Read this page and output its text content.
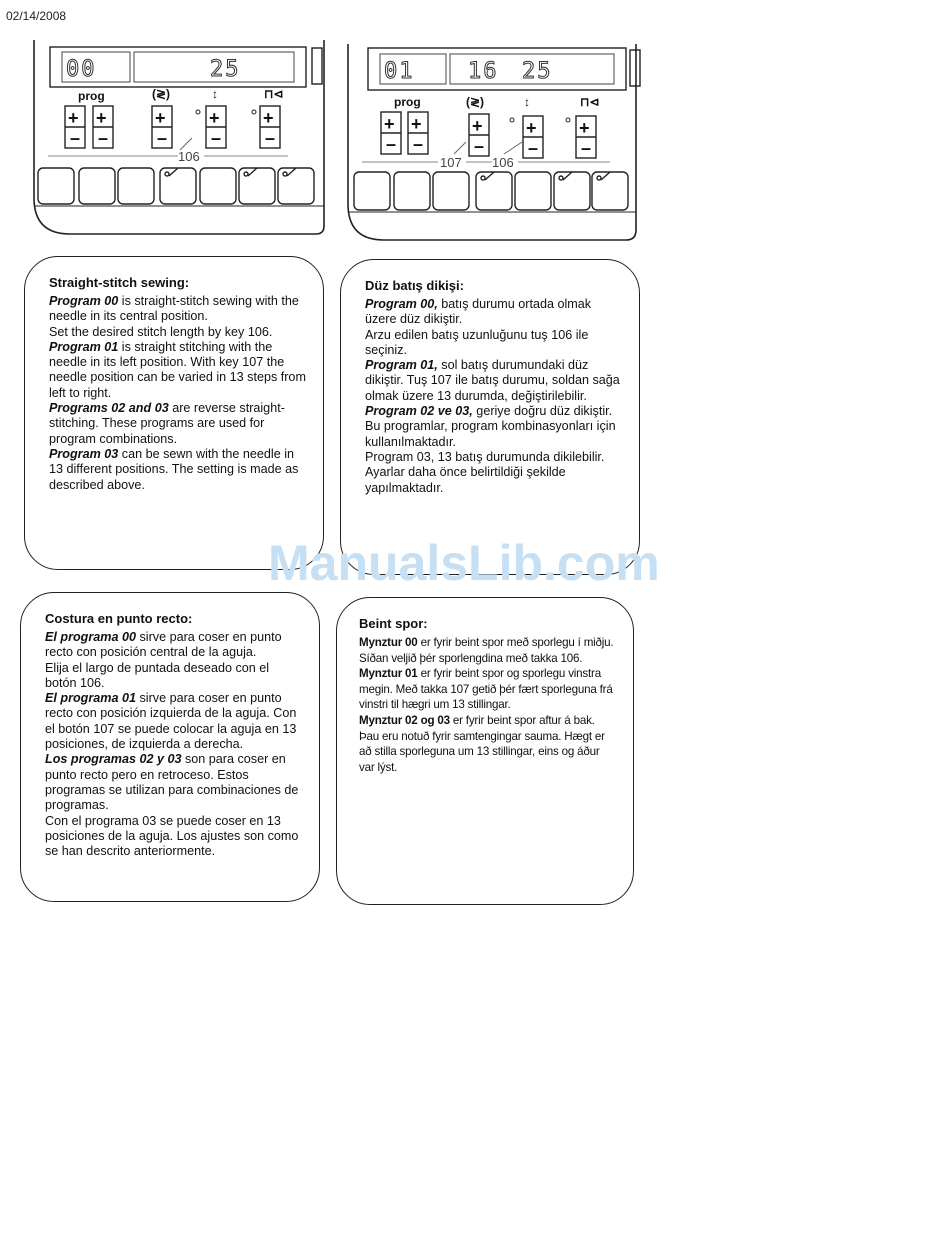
02/14/2008
00	25
prog	(≷)	↕	⊓⊲
+ +	+ + +
– –	– – –
106
01 16 25
prog	(≷)	↕	⊓⊲
+ +	+ + +
– –	– – –
107 106
Straight-stitch sewing:

Program 00 is straight-stitch sewing with the needle in its central position.

Set the desired stitch length by key 106.

Program 01 is straight stitching with the needle in its left position. With key 107 the needle position can be varied in 13 steps from left to right.

Programs 02 and 03 are reverse straight-stitching. These programs are used for program combinations.

Program 03 can be sewn with the needle in 13 different positions. The setting is made as described above.

Düz batış dikişi:

Program 00, batış durumu ortada olmak üzere düz dikiştir.

Arzu edilen batış uzunluğunu tuş 106 ile seçiniz.

Program 01, sol batış durumundaki düz dikiştir. Tuş 107 ile batış durumu, soldan sağa olmak üzere 13 durumda, değiştirilebilir.

Program 02 ve 03, geriye doğru düz dikiştir. Bu programlar, program kombinasyonları için kullanılmaktadır.

Program 03, 13 batış durumunda dikilebilir. Ayarlar daha önce belirtildiği şekilde yapılmaktadır.

ManualsLib.com
Costura en punto recto:

El programa 00 sirve para coser en punto recto con posición central de la aguja.

Elija el largo de puntada deseado con el botón 106.

El programa 01 sirve para coser en punto recto con posición izquierda de la aguja. Con el botón 107 se puede colocar la aguja en 13 posiciones, de izquierda a derecha.

Los programas 02 y 03 son para coser en punto recto pero en retroceso. Estos programas se utilizan para combinaciones de programas.

Con el programa 03 se puede coser en 13 posiciones de la aguja. Los ajustes son como se han descrito anteriormente.

Beint spor:

Mynztur 00 er fyrir beint spor með sporlegu í miðju. Síðan veljið þér sporlengdina með takka 106. Mynztur 01 er fyrir beint spor og sporlegu vinstra megin. Með takka 107 getið þér fært sporleguna frá vinstri til hægri um 13 stillingar.

Mynztur 02 og 03 er fyrir beint spor aftur á bak. Þau eru notuð fyrir samtengingar sauma. Hægt er að stilla sporleguna um 13 stillingar, eins og áður var lýst.
